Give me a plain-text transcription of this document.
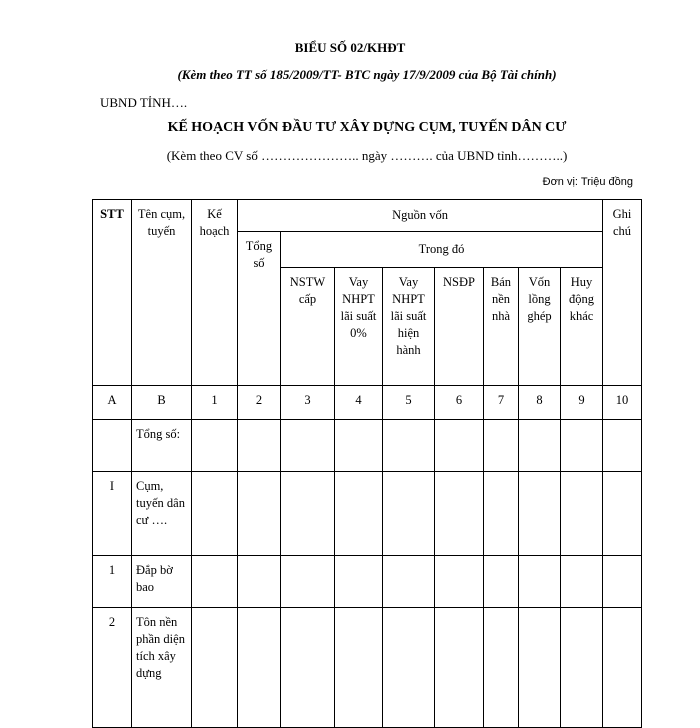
BIỂU SỐ 02/KHĐT
(Kèm theo TT số 185/2009/TT- BTC ngày 17/9/2009 của Bộ Tài chính)
UBND TỈNH….
KẾ HOẠCH VỐN ĐẦU TƯ XÂY DỰNG CỤM, TUYẾN DÂN CƯ
(Kèm theo CV số ………………….. ngày ………. của UBND tỉnh………..)
Đơn vị: Triệu đồng
STT	Tên cụm, tuyến	Kế hoạch	Nguồn vốn								Ghi chú
			Tổng số	Trong đó							
				NSTW cấp	Vay NHPT lãi suất 0%	Vay NHPT lãi suất hiện hành	NSĐP	Bán nền nhà	Vốn lồng ghép	Huy động khác	
A	B	1	2	3	4	5	6	7	8	9	10
	Tổng số:										
I	Cụm, tuyến dân cư ….										
1	Đắp bờ bao										
2	Tôn nền phần diện tích xây dựng										
